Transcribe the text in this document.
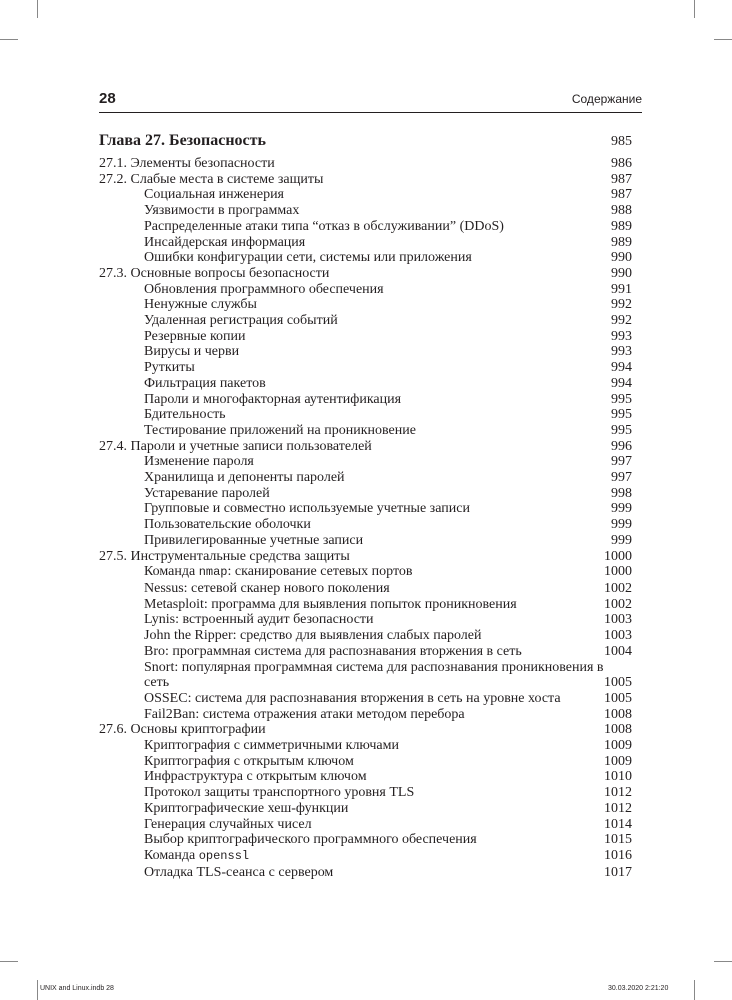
28	Содержание
Глава 27. Безопасность	985
27.1. Элементы безопасности	986
27.2. Слабые места в системе защиты	987
Социальная инженерия	987
Уязвимости в программах	988
Распределенные атаки типа “отказ в обслуживании” (DDoS)	989
Инсайдерская информация	989
Ошибки конфигурации сети, системы или приложения	990
27.3. Основные вопросы безопасности	990
Обновления программного обеспечения	991
Ненужные службы	992
Удаленная регистрация событий	992
Резервные копии	993
Вирусы и черви	993
Руткиты	994
Фильтрация пакетов	994
Пароли и многофакторная аутентификация	995
Бдительность	995
Тестирование приложений на проникновение	995
27.4. Пароли и учетные записи пользователей	996
Изменение пароля	997
Хранилища и депоненты паролей	997
Устаревание паролей	998
Групповые и совместно используемые учетные записи	999
Пользовательские оболочки	999
Привилегированные учетные записи	999
27.5. Инструментальные средства защиты	1000
Команда nmap: сканирование сетевых портов	1000
Nessus: сетевой сканер нового поколения	1002
Metasploit: программа для выявления попыток проникновения	1002
Lynis: встроенный аудит безопасности	1003
John the Ripper: средство для выявления слабых паролей	1003
Bro: программная система для распознавания вторжения в сеть	1004
Snort: популярная программная система для распознавания проникновения в сеть	1005
OSSEC: система для распознавания вторжения в сеть на уровне хоста	1005
Fail2Ban: система отражения атаки методом перебора	1008
27.6. Основы криптографии	1008
Криптография с симметричными ключами	1009
Криптография с открытым ключом	1009
Инфраструктура с открытым ключом	1010
Протокол защиты транспортного уровня TLS	1012
Криптографические хеш-функции	1012
Генерация случайных чисел	1014
Выбор криптографического программного обеспечения	1015
Команда openssl	1016
Отладка TLS-сеанса с сервером	1017
UNIX and Linux.indb 28	30.03.2020 2:21:20
